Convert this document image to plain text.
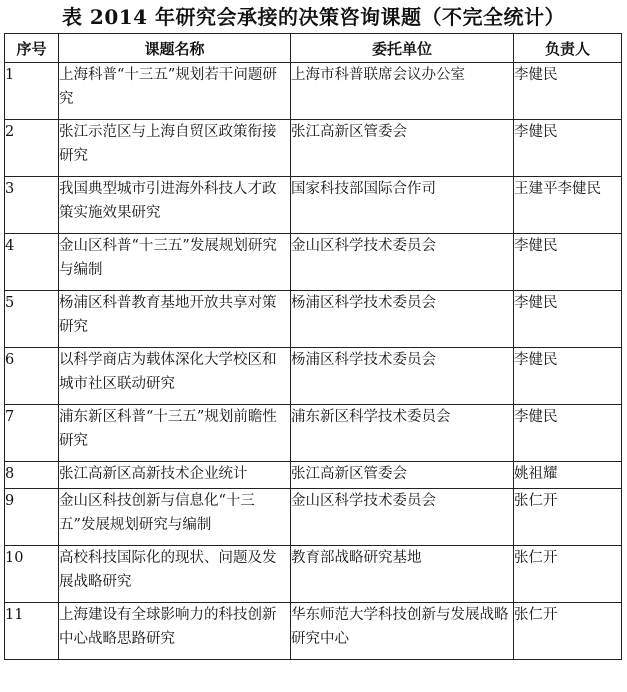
表 2014 年研究会承接的决策咨询课题（不完全统计）
序号	课题名称	委托单位	负责人
1	上海科普“十三五”规划若干问题研究	上海市科普联席会议办公室	李健民
2	张江示范区与上海自贸区政策衔接研究	张江高新区管委会	李健民
3	我国典型城市引进海外科技人才政策实施效果研究	国家科技部国际合作司	王建平李健民
4	金山区科普“十三五”发展规划研究与编制	金山区科学技术委员会	李健民
5	杨浦区科普教育基地开放共享对策研究	杨浦区科学技术委员会	李健民
6	以科学商店为载体深化大学校区和城市社区联动研究	杨浦区科学技术委员会	李健民
7	浦东新区科普“十三五”规划前瞻性研究	浦东新区科学技术委员会	李健民
8	张江高新区高新技术企业统计	张江高新区管委会	姚祖耀
9	金山区科技创新与信息化“十三五”发展规划研究与编制	金山区科学技术委员会	张仁开
10	高校科技国际化的现状、问题及发展战略研究	教育部战略研究基地	张仁开
11	上海建设有全球影响力的科技创新中心战略思路研究	华东师范大学科技创新与发展战略研究中心	张仁开
